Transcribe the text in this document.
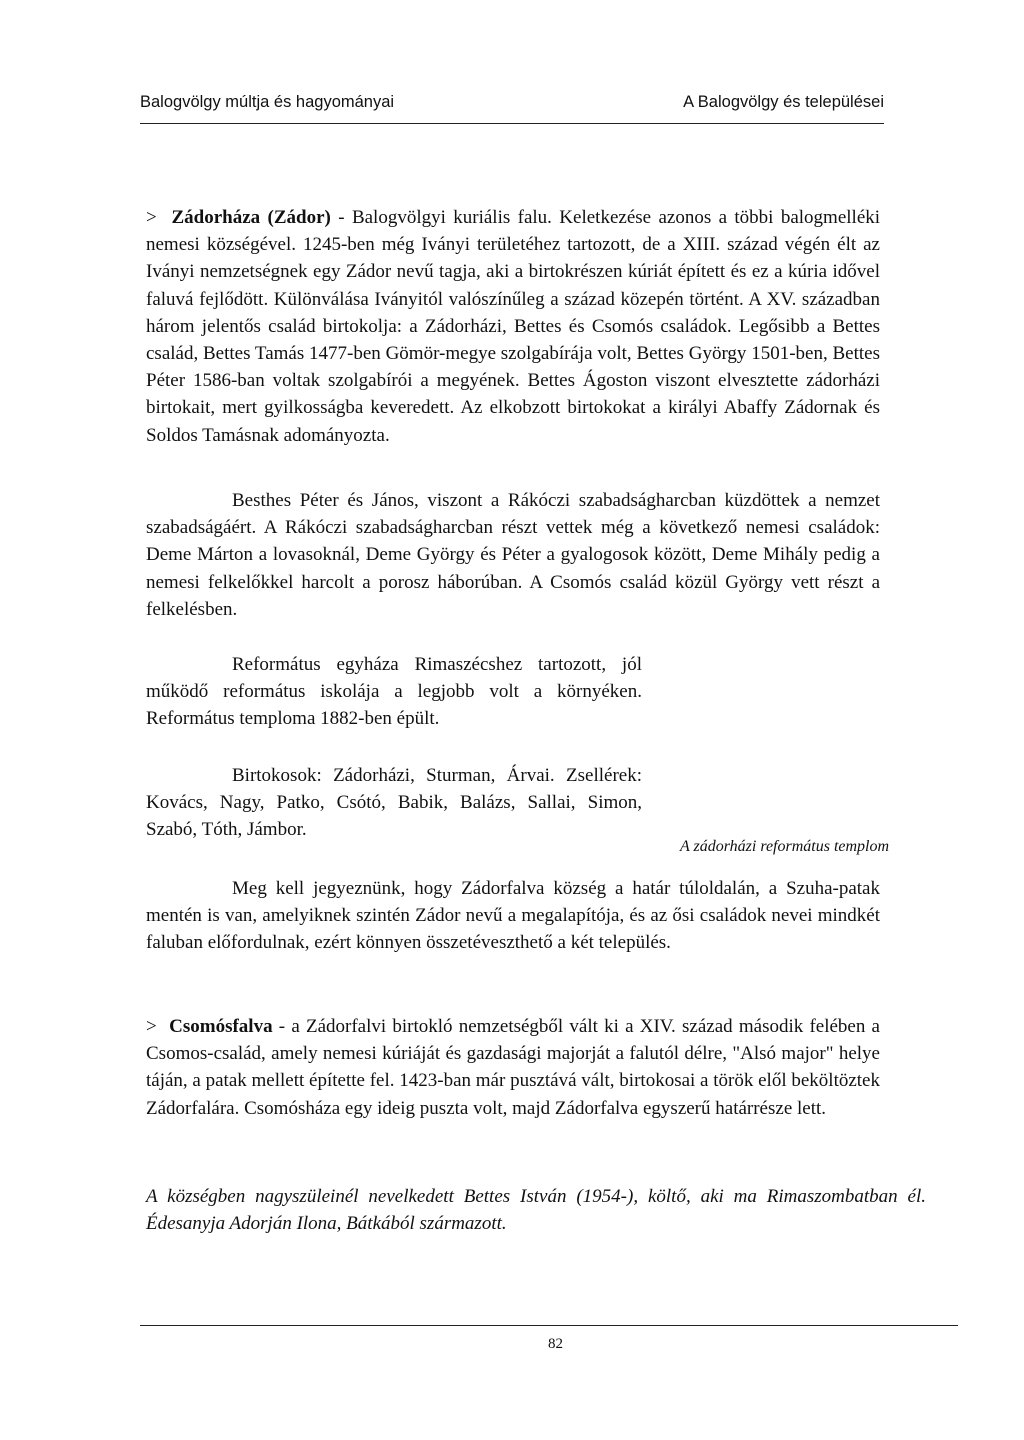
Balogvölgy múltja és hagyományai	A Balogvölgy és települései

> Zádorháza (Zádor) - Balogvölgyi kuriális falu. Keletkezése azonos a többi balogmelléki nemesi községével. 1245-ben még Iványi területéhez tartozott, de a XIII. század végén élt az Iványi nemzetségnek egy Zádor nevű tagja, aki a birtokrészen kúriát épített és ez a kúria idővel faluvá fejlődött. Különválása Iványitól valószínűleg a század közepén történt. A XV. században három jelentős család birtokolja: a Zádorházi, Bettes és Csomós családok. Legősibb a Bettes család, Bettes Tamás 1477-ben Gömör-megye szolgabírája volt, Bettes György 1501-ben, Bettes Péter 1586-ban voltak szolgabírói a megyének. Bettes Ágoston viszont elvesztette zádorházi birtokait, mert gyilkosságba keveredett. Az elkobzott birtokokat a királyi Abaffy Zádornak és Soldos Tamásnak adományozta.

Besthes Péter és János, viszont a Rákóczi szabadságharcban küzdöttek a nemzet szabadságáért. A Rákóczi szabadságharcban részt vettek még a következő nemesi családok: Deme Márton a lovasoknál, Deme György és Péter a gyalogosok között, Deme Mihály pedig a nemesi felkelőkkel harcolt a porosz háborúban. A Csomós család közül György vett részt a felkelésben.

Református egyháza Rimaszécshez tartozott, jól működő református iskolája a legjobb volt a környéken. Református temploma 1882-ben épült.

Birtokosok: Zádorházi, Sturman, Árvai. Zsellérek: Kovács, Nagy, Patko, Csótó, Babik, Balázs, Sallai, Simon, Szabó, Tóth, Jámbor.

A zádorházi református templom

Meg kell jegyeznünk, hogy Zádorfalva község a határ túloldalán, a Szuha-patak mentén is van, amelyiknek szintén Zádor nevű a megalapítója, és az ősi családok nevei mindkét faluban előfordulnak, ezért könnyen összetéveszthető a két település.

> Csomósfalva - a Zádorfalvi birtokló nemzetségből vált ki a XIV. század második felében a Csomos-család, amely nemesi kúriáját és gazdasági majorját a falutól délre, "Alsó major" helye táján, a patak mellett építette fel. 1423-ban már pusztává vált, birtokosai a török elől beköltöztek Zádorfalára. Csomósháza egy ideig puszta volt, majd Zádorfalva egyszerű határrésze lett.

A községben nagyszüleinél nevelkedett Bettes István (1954-), költő, aki ma Rimaszombatban él. Édesanyja Adorján Ilona, Bátkából származott.

82
